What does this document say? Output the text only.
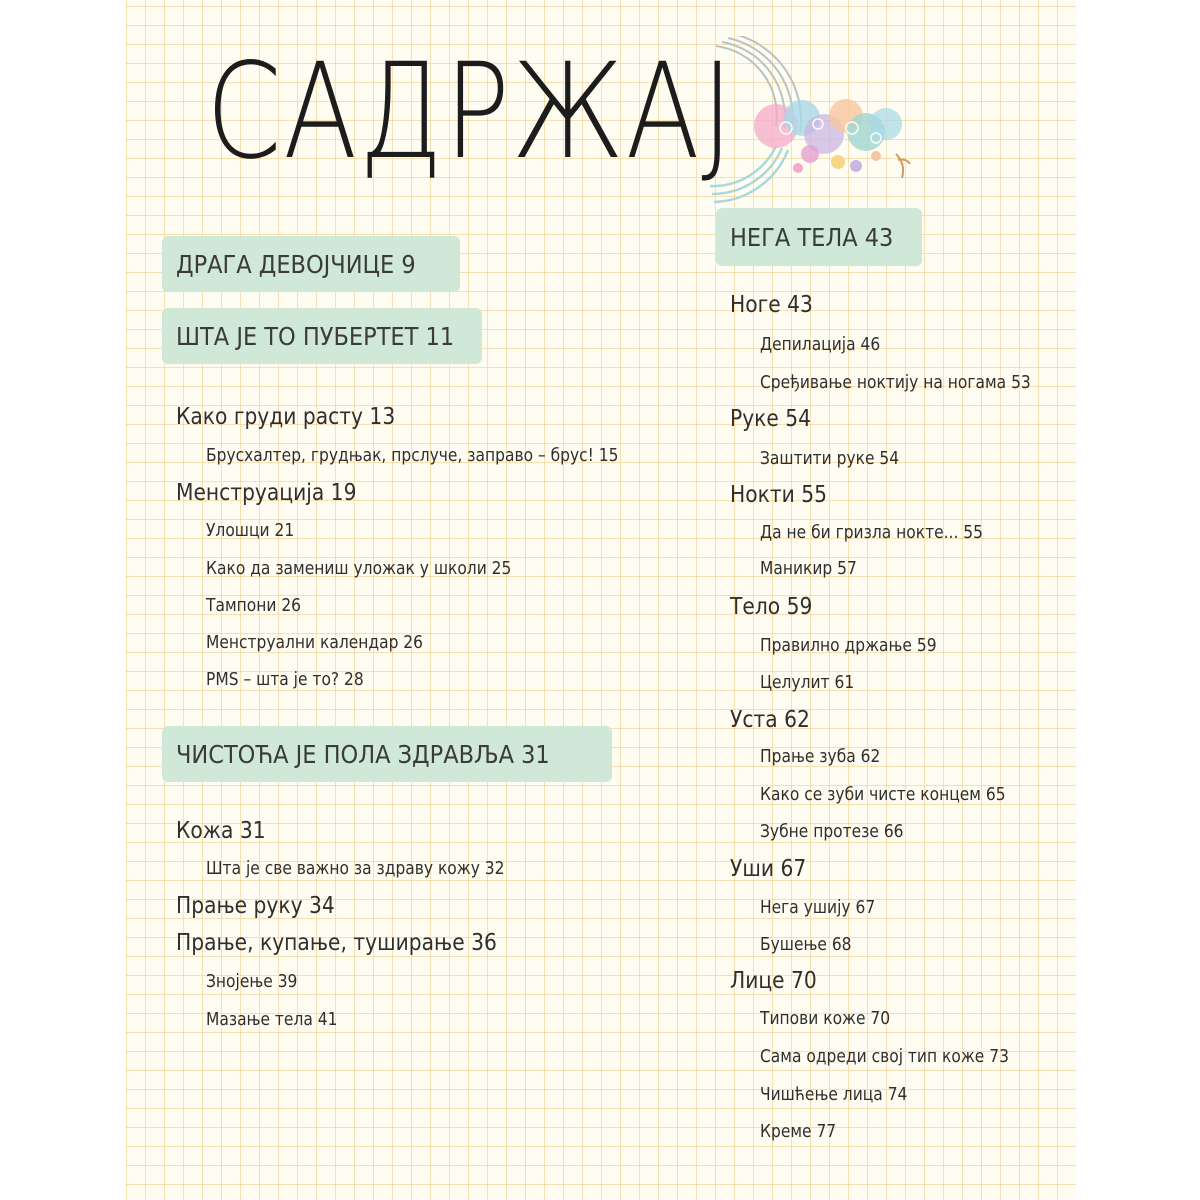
САДРЖАЈ
ДРАГА ДЕВОЈЧИЦЕ 9
ШТА ЈЕ ТО ПУБЕРТЕТ 11
ЧИСТОЋА ЈЕ ПОЛА ЗДРАВЉА 31
Како груди расту 13
Брусхалтер, грудњак, прслуче, заправо – брус! 15
Менструација 19
Улошци 21
Како да замениш уложак у школи 25
Тампони 26
Менструални календар 26
PMS – шта је то? 28
Кожа 31
Шта је све важно за здраву кожу 32
Прање руку 34
Прање, купање, туширање 36
Знојење 39
Мазање тела 41
НЕГА ТЕЛА 43
Ноге 43
Депилација 46
Сређивање ноктију на ногама 53
Руке 54
Заштити руке 54
Нокти 55
Да не би гризла нокте... 55
Маникир 57
Тело 59
Правилно држање 59
Целулит 61
Уста 62
Прање зуба 62
Како се зуби чисте концем 65
Зубне протезе 66
Уши 67
Нега ушију 67
Бушење 68
Лице 70
Типови коже 70
Сама одреди свој тип коже 73
Чишћење лица 74
Креме 77
